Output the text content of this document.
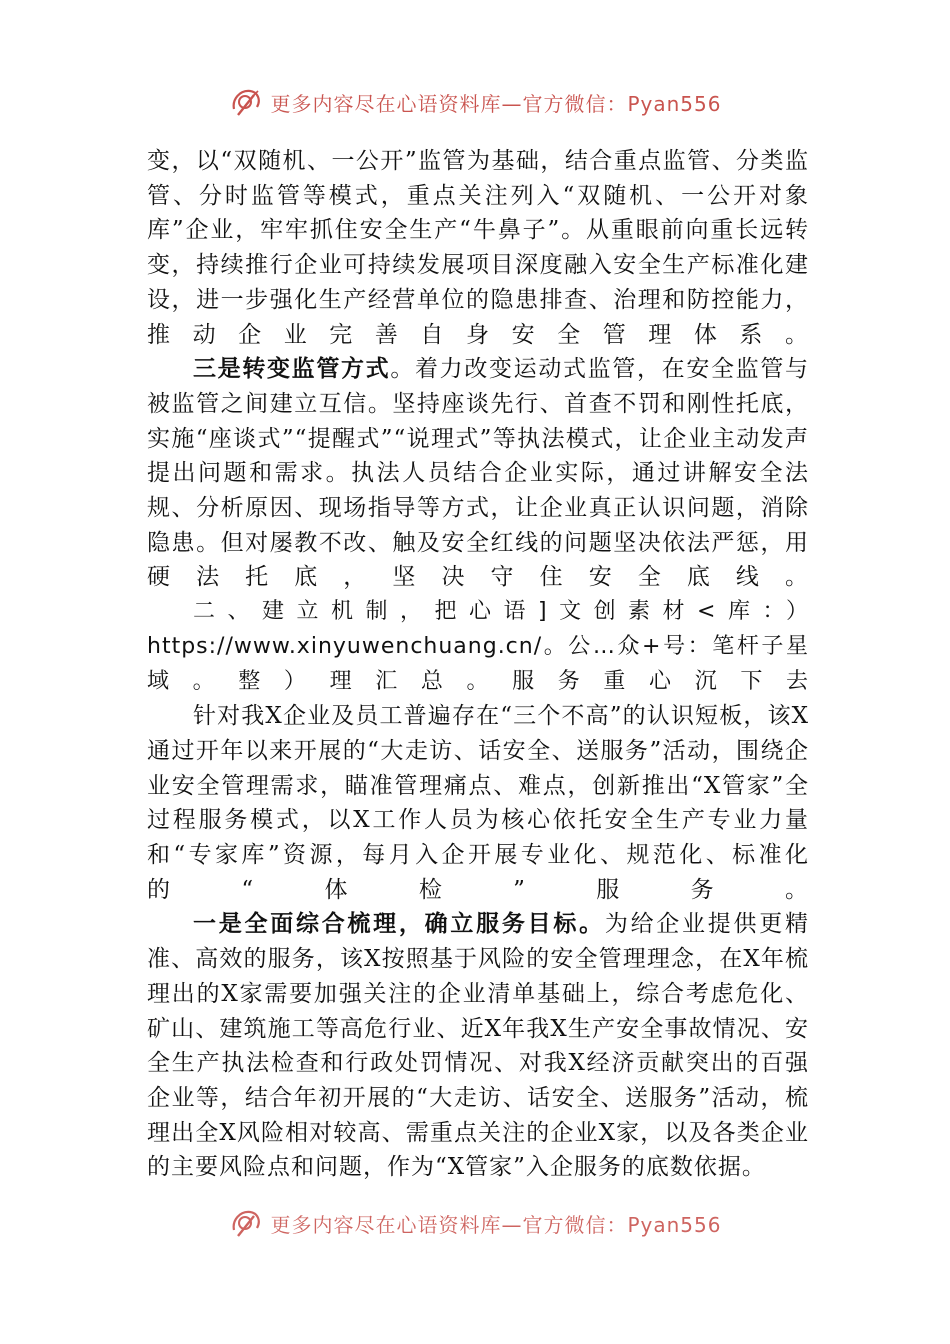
更多内容尽在心语资料库—官方微信：Pyan556

变，以“双随机、一公开”监管为基础，结合重点监管、分类监管、分时监管等模式，重点关注列入“双随机、一公开对象库”企业，牢牢抓住安全生产“牛鼻子”。从重眼前向重长远转变，持续推行企业可持续发展项目深度融入安全生产标准化建设，进一步强化生产经营单位的隐患排查、治理和防控能力，推动企业完善自身安全管理体系。

三是转变监管方式。着力改变运动式监管，在安全监管与被监管之间建立互信。坚持座谈先行、首查不罚和刚性托底，实施“座谈式”“提醒式”“说理式”等执法模式，让企业主动发声提出问题和需求。执法人员结合企业实际，通过讲解安全法规、分析原因、现场指导等方式，让企业真正认识问题，消除隐患。但对屡教不改、触及安全红线的问题坚决依法严惩，用硬法托底，坚决守住安全底线。

二、建立机制，把心语]文创素材<库：）https://www.xinyuwenchuang.cn/。公…众+号：笔杆子星域。整）理汇总。服务重心沉下去

针对我X企业及员工普遍存在“三个不高”的认识短板，该X通过开年以来开展的“大走访、话安全、送服务”活动，围绕企业安全管理需求，瞄准管理痛点、难点，创新推出“X管家”全过程服务模式，以X工作人员为核心依托安全生产专业力量和“专家库”资源，每月入企开展专业化、规范化、标准化的“体检”服务。

一是全面综合梳理，确立服务目标。为给企业提供更精准、高效的服务，该X按照基于风险的安全管理理念，在X年梳理出的X家需要加强关注的企业清单基础上，综合考虑危化、矿山、建筑施工等高危行业、近X年我X生产安全事故情况、安全生产执法检查和行政处罚情况、对我X经济贡献突出的百强企业等，结合年初开展的“大走访、话安全、送服务”活动，梳理出全X风险相对较高、需重点关注的企业X家，以及各类企业的主要风险点和问题，作为“X管家”入企服务的底数依据。

更多内容尽在心语资料库—官方微信：Pyan556
